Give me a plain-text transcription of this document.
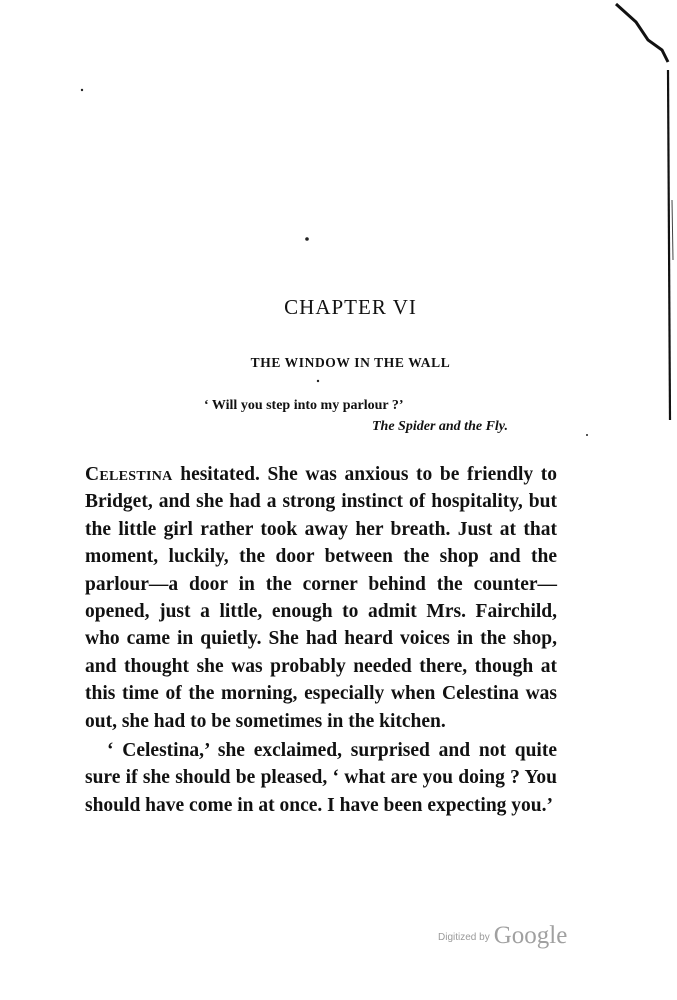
CHAPTER VI
THE WINDOW IN THE WALL
‘ Will you step into my parlour ?’
The Spider and the Fly.

Celestina hesitated. She was anxious to be friendly to Bridget, and she had a strong instinct of hospitality, but the little girl rather took away her breath. Just at that moment, luckily, the door between the shop and the parlour—a door in the corner behind the counter—opened, just a little, enough to admit Mrs. Fairchild, who came in quietly. She had heard voices in the shop, and thought she was probably needed there, though at this time of the morning, especially when Celestina was out, she had to be sometimes in the kitchen.

‘ Celestina,’ she exclaimed, surprised and not quite sure if she should be pleased, ‘ what are you doing ? You should have come in at once. I have been expecting you.’

Digitized by Google
